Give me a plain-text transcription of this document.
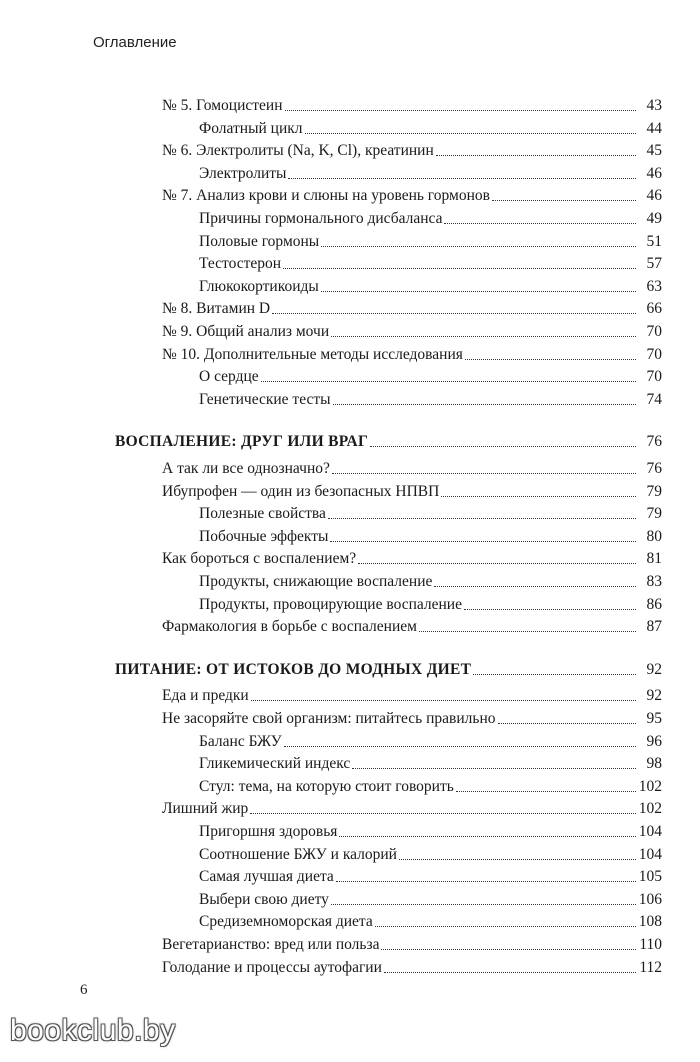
Оглавление
№ 5. Гомоцистеин	43
Фолатный цикл	44
№ 6. Электролиты (Na, K, Cl), креатинин	45
Электролиты	46
№ 7. Анализ крови и слюны на уровень гормонов	46
Причины гормонального дисбаланса	49
Половые гормоны	51
Тестостерон	57
Глюкокортикоиды	63
№ 8. Витамин D	66
№ 9. Общий анализ мочи	70
№ 10. Дополнительные методы исследования	70
О сердце	70
Генетические тесты	74
ВОСПАЛЕНИЕ: ДРУГ ИЛИ ВРАГ	76
А так ли все однозначно?	76
Ибупрофен — один из безопасных НПВП	79
Полезные свойства	79
Побочные эффекты	80
Как бороться с воспалением?	81
Продукты, снижающие воспаление	83
Продукты, провоцирующие воспаление	86
Фармакология в борьбе с воспалением	87
ПИТАНИЕ: ОТ ИСТОКОВ ДО МОДНЫХ ДИЕТ	92
Еда и предки	92
Не засоряйте свой организм: питайтесь правильно	95
Баланс БЖУ	96
Гликемический индекс	98
Стул: тема, на которую стоит говорить	102
Лишний жир	102
Пригоршня здоровья	104
Соотношение БЖУ и калорий	104
Самая лучшая диета	105
Выбери свою диету	106
Средиземноморская диета	108
Вегетарианство: вред или польза	110
Голодание и процессы аутофагии	112
6
bookclub.by
